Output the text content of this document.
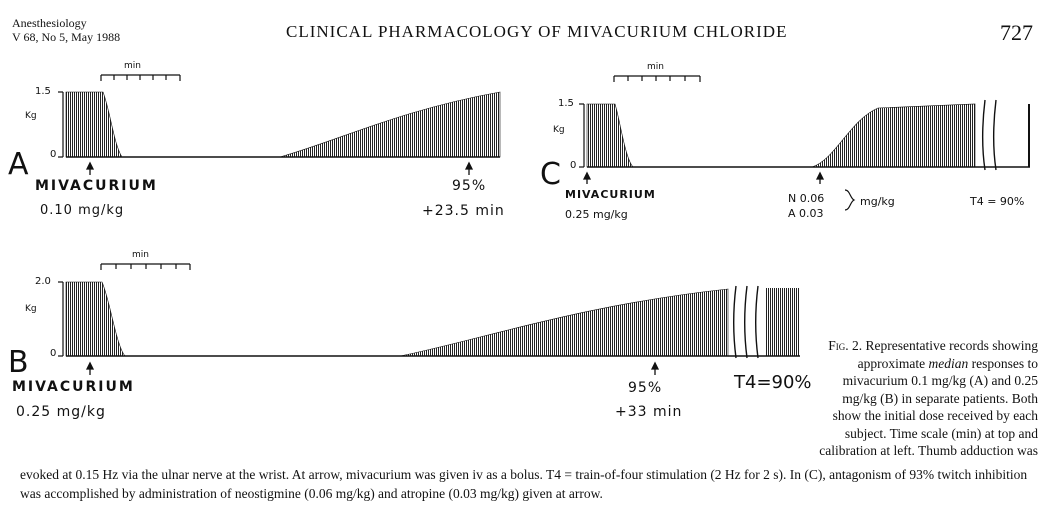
Anesthesiology
V 68, No 5, May 1988	CLINICAL PHARMACOLOGY OF MIVACURIUM CHLORIDE	727
min
1.5
Kg
0
A
MIVACURIUM
0.10 mg/kg
95%
+23.5 min
min
2.0
Kg
0
B
MIVACURIUM
0.25 mg/kg
95%
+33 min
T4=90%
min
1.5
Kg
0
C
MIVACURIUM
0.25 mg/kg
N 0.06
A 0.03
mg/kg	T4 = 90%
Fig. 2. Representative records showing approximate median responses to mivacurium 0.1 mg/kg (A) and 0.25 mg/kg (B) in separate patients. Both show the initial dose received by each subject. Time scale (min) at top and calibration at left. Thumb adduction was
evoked at 0.15 Hz via the ulnar nerve at the wrist. At arrow, mivacurium was given iv as a bolus. T4 = train-of-four stimulation (2 Hz for 2 s). In (C), antagonism of 93% twitch inhibition was accomplished by administration of neostigmine (0.06 mg/kg) and atropine (0.03 mg/kg) given at arrow.
